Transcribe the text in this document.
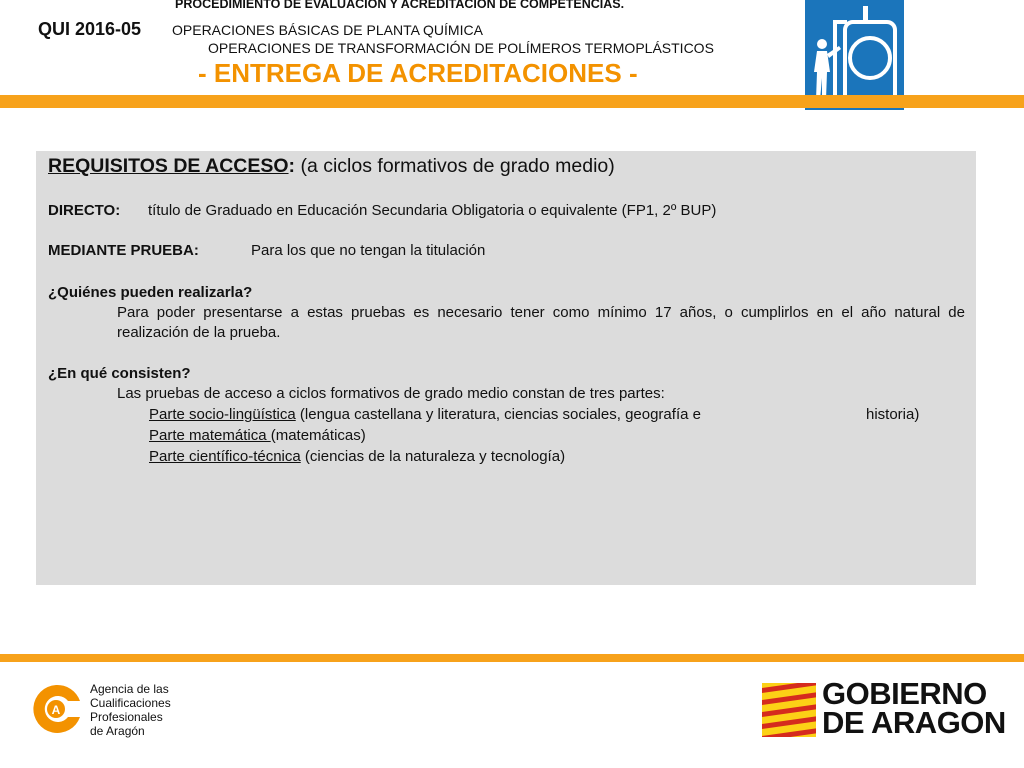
PROCEDIMIENTO DE EVALUACION Y ACREDITACION DE COMPETENCIAS.
QUI 2016-05 OPERACIONES BÁSICAS DE PLANTA QUÍMICA
OPERACIONES DE TRANSFORMACIÓN DE POLÍMEROS TERMOPLÁSTICOS
- ENTREGA DE ACREDITACIONES -
REQUISITOS DE ACCESO: (a ciclos formativos de grado medio)
DIRECTO: título de Graduado en Educación Secundaria Obligatoria o equivalente (FP1, 2º BUP)
MEDIANTE PRUEBA:	Para los que no tengan la titulación
¿Quiénes pueden realizarla?
Para poder presentarse a estas pruebas es necesario tener como mínimo 17 años, o cumplirlos en el año natural de realización de la prueba.
¿En qué consisten?
Las pruebas de acceso a ciclos formativos de grado medio constan de tres partes:
Parte socio-lingüística (lengua castellana y literatura, ciencias sociales, geografía e	historia)
Parte matemática (matemáticas)
Parte científico-técnica (ciencias de la naturaleza y tecnología)
A
Agencia de las
Cualificaciones
Profesionales
de Aragón
GOBIERNO
DE ARAGON
